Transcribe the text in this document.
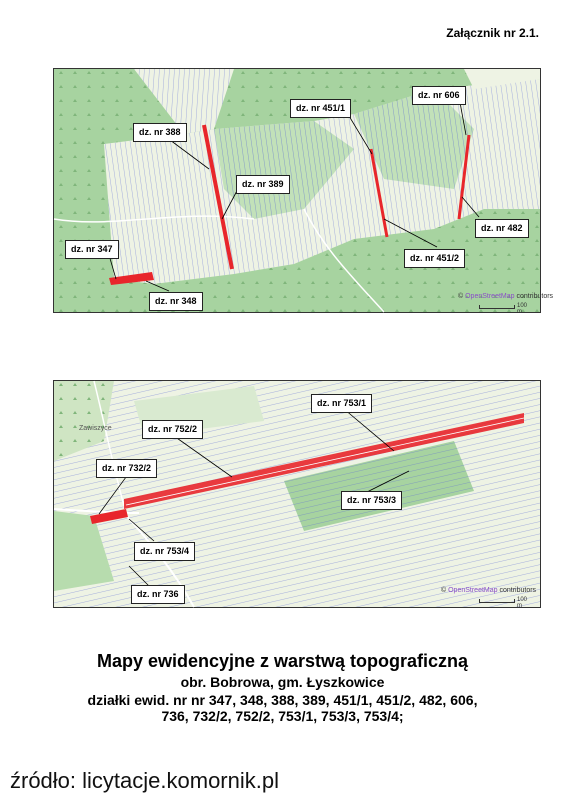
Załącznik nr 2.1.
dz. nr 388
dz. nr 389
dz. nr 451/1
dz. nr 606
dz. nr 482
dz. nr 451/2
dz. nr 347
dz. nr 348	© OpenStreetMap contributors
100 m
dz. nr 753/1
dz. nr 752/2
dz. nr 732/2
dz. nr 753/3
dz. nr 753/4
dz. nr 736
Zawiszyce
© OpenStreetMap contributors
100 m
Mapy ewidencyjne z warstwą topograficzną
obr. Bobrowa, gm. Łyszkowice
działki ewid. nr nr 347, 348, 388, 389, 451/1, 451/2, 482, 606,
736, 732/2, 752/2, 753/1, 753/3, 753/4;
źródło: licytacje.komornik.pl
